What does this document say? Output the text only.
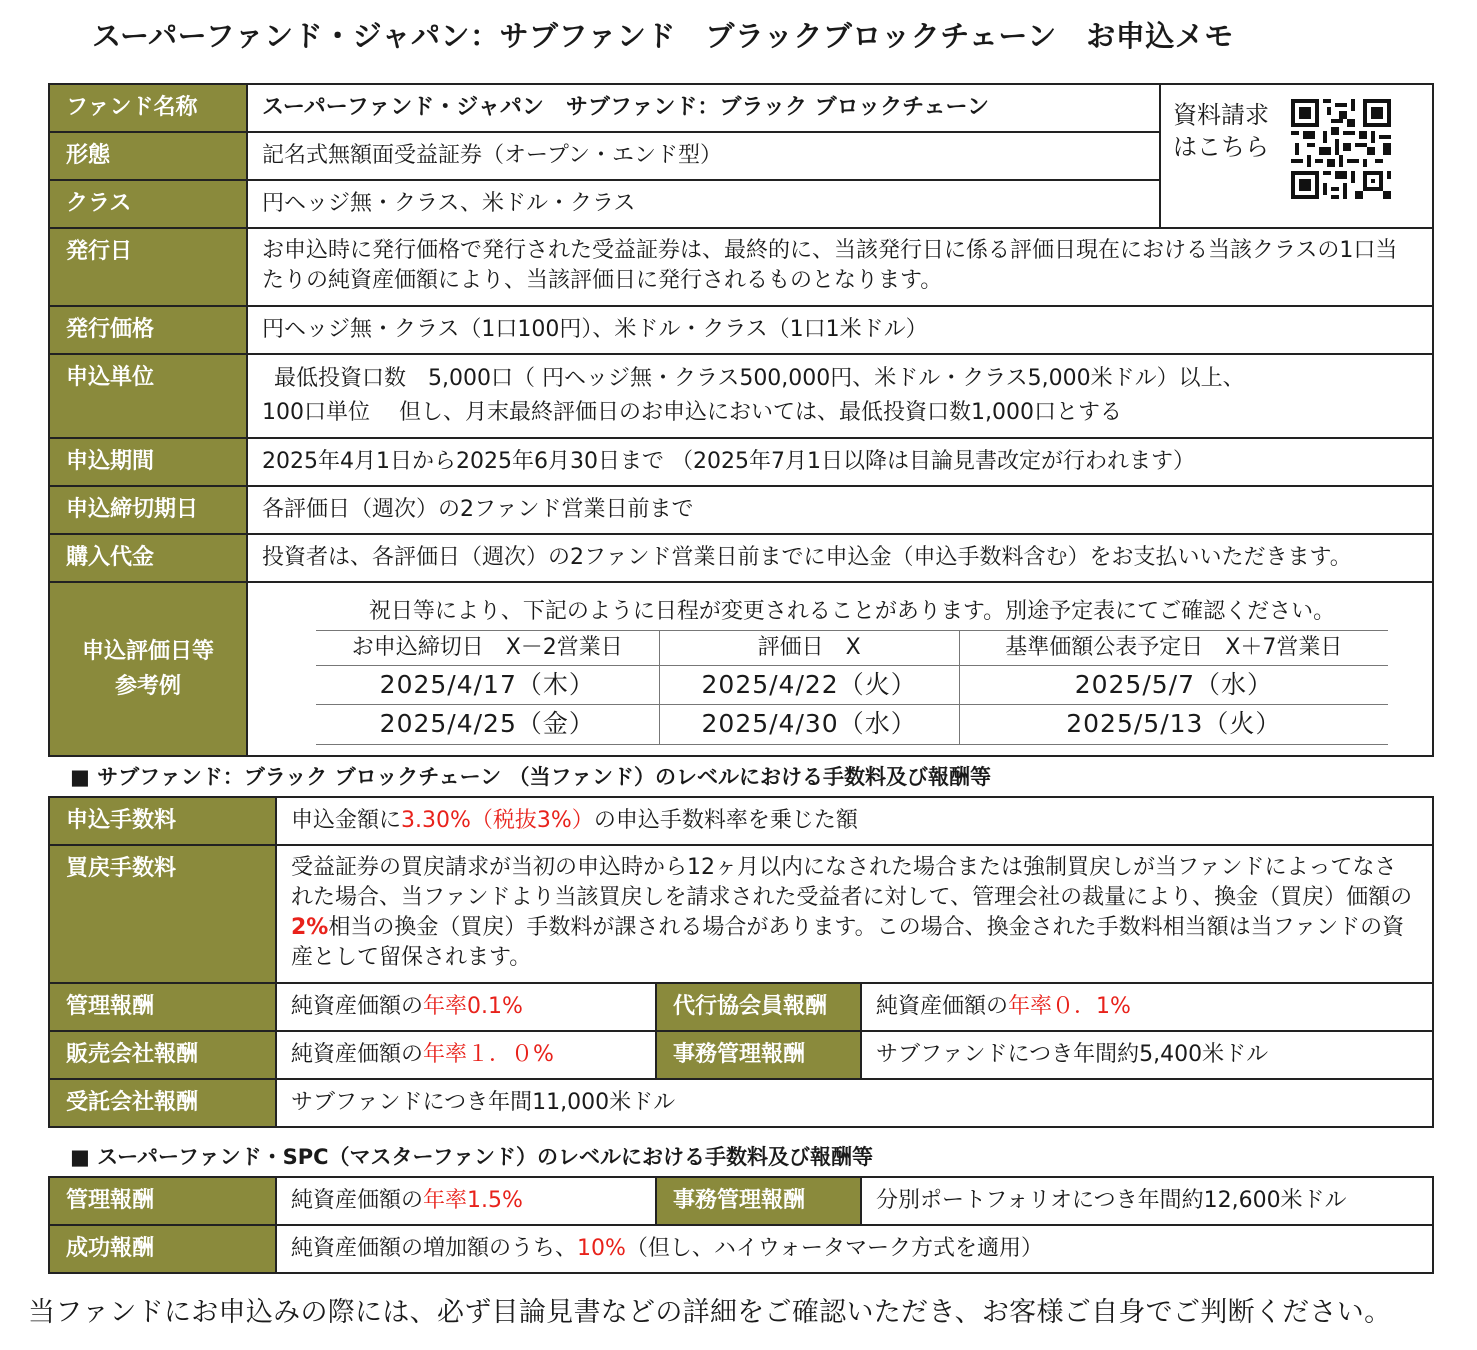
スーパーファンド・ジャパン：サブファンド　ブラックブロックチェーン　お申込メモ
ファンド名称	スーパーファンド・ジャパン　サブファンド：ブラック ブロックチェーン	資料請求
はこちら

形態	記名式無額面受益証券（オープン・エンド型）
クラス	円ヘッジ無・クラス、米ドル・クラス
発行日	お申込時に発行価格で発行された受益証券は、最終的に、当該発行日に係る評価日現在における当該クラスの1口当たりの純資産価額により、当該評価日に発行されるものとなります。
発行価格	円ヘッジ無・クラス（1口100円）、米ドル・クラス（1口1米ドル）
申込単位	最低投資口数　5,000口（ 円ヘッジ無・クラス500,000円、米ドル・クラス5,000米ドル）以上、
100口単位　 但し、月末最終評価日のお申込においては、最低投資口数1,000口とする

申込期間	2025年4月1日から2025年6月30日まで （2025年7月1日以降は目論見書改定が行われます）
申込締切期日	各評価日（週次）の2ファンド営業日前まで
購入代金	投資者は、各評価日（週次）の2ファンド営業日前までに申込金（申込手数料含む）をお支払いいただきます。

申込評価日等
参考例

祝日等により、下記のように日程が変更されることがあります。別途予定表にてご確認ください。
お申込締切日　X－2営業日	評価日　X	基準価額公表予定日　X＋7営業日
2025/4/17（木）	2025/4/22（火）	2025/5/7（水）
2025/4/25（金）	2025/4/30（水）	2025/5/13（火）
■ サブファンド：ブラック ブロックチェーン （当ファンド）のレベルにおける手数料及び報酬等
申込手数料	申込金額に3.30%（税抜3%）の申込手数料率を乗じた額		
買戻手数料	受益証券の買戻請求が当初の申込時から12ヶ月以内になされた場合または強制買戻しが当ファンドによってなされた場合、当ファンドより当該買戻しを請求された受益者に対して、管理会社の裁量により、換金（買戻）価額の2%相当の換金（買戻）手数料が課される場合があります。この場合、換金された手数料相当額は当ファンドの資産として留保されます。		
管理報酬	純資産価額の年率0.1%	代行協会員報酬	純資産価額の年率０．1%
販売会社報酬	純資産価額の年率１．０%	事務管理報酬	サブファンドにつき年間約5,400米ドル
受託会社報酬	サブファンドにつき年間11,000米ドル		
■ スーパーファンド・SPC（マスターファンド）のレベルにおける手数料及び報酬等
管理報酬	純資産価額の年率1.5%	事務管理報酬	分別ポートフォリオにつき年間約12,600米ドル
成功報酬	純資産価額の増加額のうち、10%（但し、ハイウォータマーク方式を適用）		
当ファンドにお申込みの際には、必ず目論見書などの詳細をご確認いただき、お客様ご自身でご判断ください。
